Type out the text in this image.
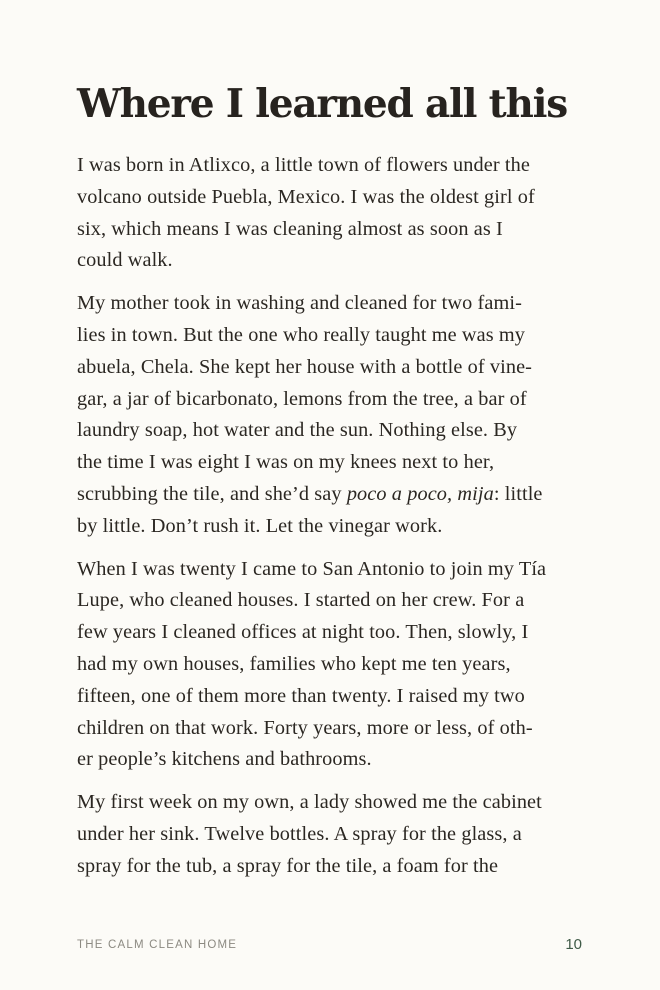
Where I learned all this

I was born in Atlixco, a little town of flowers under the
volcano outside Puebla, Mexico. I was the oldest girl of
six, which means I was cleaning almost as soon as I
could walk.

My mother took in washing and cleaned for two fami-
lies in town. But the one who really taught me was my
abuela, Chela. She kept her house with a bottle of vine-
gar, a jar of bicarbonato, lemons from the tree, a bar of
laundry soap, hot water and the sun. Nothing else. By
the time I was eight I was on my knees next to her,
scrubbing the tile, and she’d say poco a poco, mija: little
by little. Don’t rush it. Let the vinegar work.

When I was twenty I came to San Antonio to join my Tía
Lupe, who cleaned houses. I started on her crew. For a
few years I cleaned offices at night too. Then, slowly, I
had my own houses, families who kept me ten years,
fifteen, one of them more than twenty. I raised my two
children on that work. Forty years, more or less, of oth-
er people’s kitchens and bathrooms.

My first week on my own, a lady showed me the cabinet
under her sink. Twelve bottles. A spray for the glass, a
spray for the tub, a spray for the tile, a foam for the

THE CALM CLEAN HOME	10
